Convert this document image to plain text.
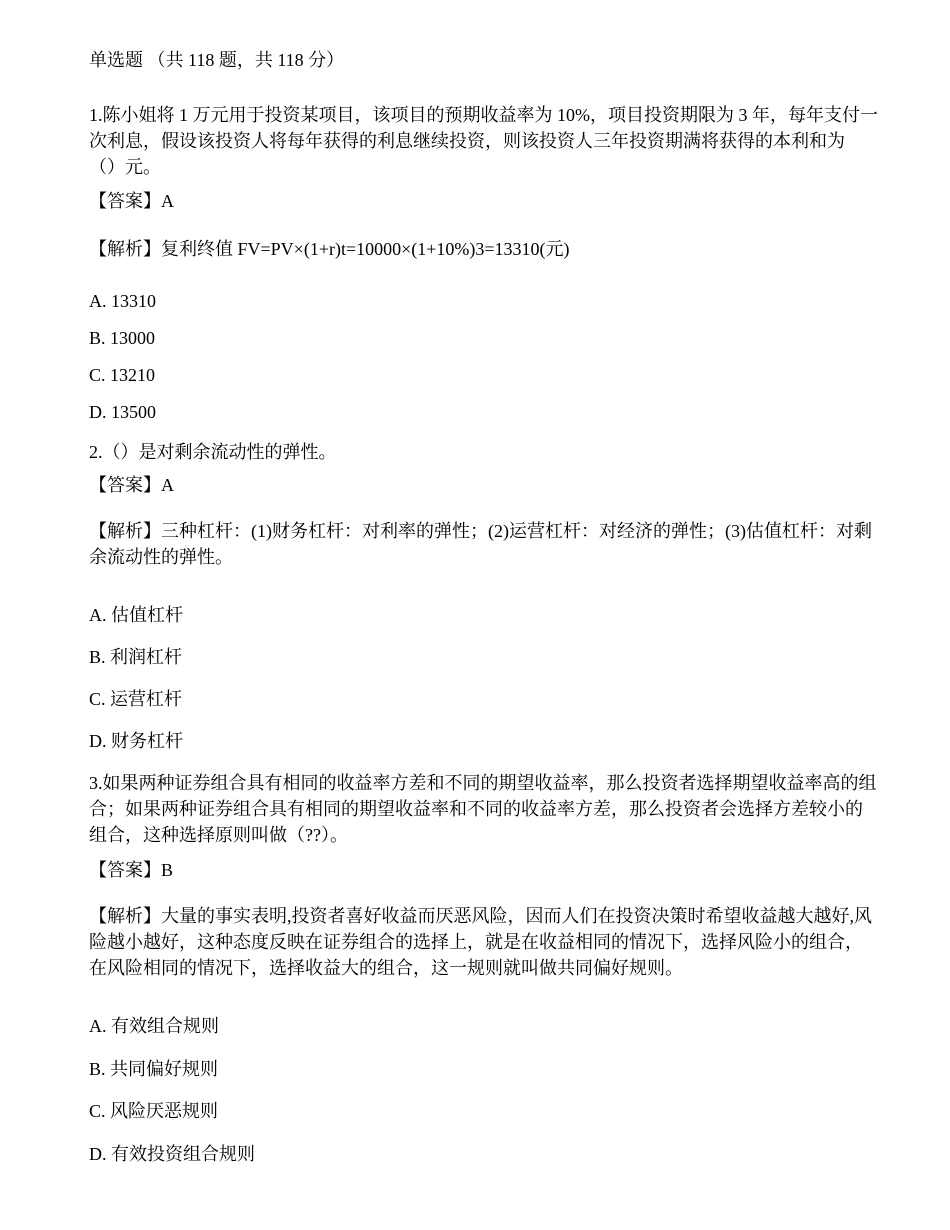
单选题 （共 118 题，共 118 分）
1.陈小姐将 1 万元用于投资某项目，该项目的预期收益率为 10%，项目投资期限为 3 年，每年支付一
次利息，假设该投资人将每年获得的利息继续投资，则该投资人三年投资期满将获得的本利和为
（）元。
【答案】A
【解析】复利终值 FV=PV×(1+r)t=10000×(1+10%)3=13310(元)
A. 13310
B. 13000
C. 13210
D. 13500
2.（）是对剩余流动性的弹性。
【答案】A
【解析】三种杠杆：(1)财务杠杆：对利率的弹性；(2)运营杠杆：对经济的弹性；(3)估值杠杆：对剩
余流动性的弹性。
A. 估值杠杆
B. 利润杠杆
C. 运营杠杆
D. 财务杠杆
3.如果两种证券组合具有相同的收益率方差和不同的期望收益率，那么投资者选择期望收益率高的组
合；如果两种证券组合具有相同的期望收益率和不同的收益率方差，那么投资者会选择方差较小的
组合，这种选择原则叫做（??）。
【答案】B
【解析】大量的事实表明,投资者喜好收益而厌恶风险，因而人们在投资决策时希望收益越大越好,风
险越小越好，这种态度反映在证券组合的选择上，就是在收益相同的情况下，选择风险小的组合，
在风险相同的情况下，选择收益大的组合，这一规则就叫做共同偏好规则。
A. 有效组合规则
B. 共同偏好规则
C. 风险厌恶规则
D. 有效投资组合规则
